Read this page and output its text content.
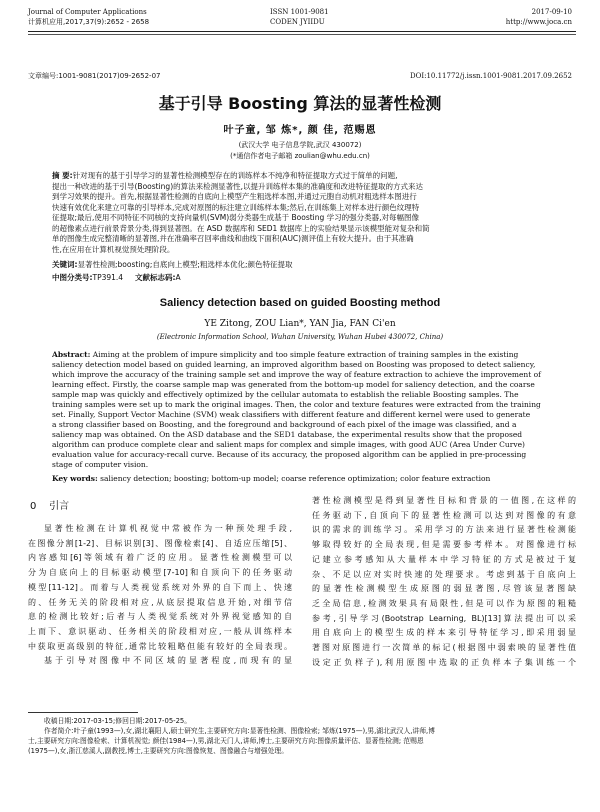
Journal of Computer Applications
计算机应用,2017,37(9):2652 - 2658
ISSN 1001-9081
CODEN JYIIDU
2017-09-10
http://www.joca.cn
文章编号:1001-9081(2017)09-2652-07	DOI:10.11772/j.issn.1001-9081.2017.09.2652
基于引导 Boosting 算法的显著性检测
叶子童, 邹 炼*, 颜 佳, 范赐恩
(武汉大学 电子信息学院,武汉 430072)
(*通信作者电子邮箱 zoulian@whu.edu.cn)
摘 要:针对现有的基于引导学习的显著性检测模型存在的训练样本不纯净和特征提取方式过于简单的问题,
提出一种改进的基于引导(Boosting)的算法来检测显著性,以提升训练样本集的准确度和改进特征提取的方式来达
到学习效果的提升。首先,根据显著性检测的自底向上模型产生粗选样本图,并通过元胞自动机对粗选样本图进行
快速有效优化来建立可靠的引导样本,完成对原图的标注建立训练样本集;然后,在训练集上对样本进行颜色纹理特
征提取;最后,使用不同特征不同核的支持向量机(SVM)弱分类器生成基于 Boosting 学习的强分类器,对每幅图像
的超像素点进行前景背景分类,得到显著图。在 ASD 数据库和 SED1 数据库上的实验结果显示该模型能对复杂和简
单的图像生成完整清晰的显著图,并在准确率召回率曲线和曲线下面积(AUC)测评值上有较大提升。由于其准确
性,在应用在计算机视觉预处理阶段。
关键词:显著性检测;boosting;自底向上模型;粗选样本优化;颜色特征提取
中图分类号:TP391.4 文献标志码:A
Saliency detection based on guided Boosting method
YE Zitong, ZOU Lian*, YAN Jia, FAN Ci'en
(Electronic Information School, Wuhan University, Wuhan Hubei 430072, China)
Abstract: Aiming at the problem of impure simplicity and too simple feature extraction of training samples in the existing
saliency detection model based on guided learning, an improved algorithm based on Boosting was proposed to detect saliency,
which improve the accuracy of the training sample set and improve the way of feature extraction to achieve the improvement of
learning effect. Firstly, the coarse sample map was generated from the bottom-up model for saliency detection, and the coarse
sample map was quickly and effectively optimized by the cellular automata to establish the reliable Boosting samples. The
training samples were set up to mark the original images. Then, the color and texture features were extracted from the training
set. Finally, Support Vector Machine (SVM) weak classifiers with different feature and different kernel were used to generate
a strong classifier based on Boosting, and the foreground and background of each pixel of the image was classified, and a
saliency map was obtained. On the ASD database and the SED1 database, the experimental results show that the proposed
algorithm can produce complete clear and salient maps for complex and simple images, with good AUC (Area Under Curve)
evaluation value for accuracy-recall curve. Because of its accuracy, the proposed algorithm can be applied in pre-processing
stage of computer vision.
Key words: saliency detection; boosting; bottom-up model; coarse reference optimization; color feature extraction
0 引言
显著性检测在计算机视觉中常被作为一种预处理手段,
在图像分割[1-2]、目标识别[3]、图像检索[4]、自适应压缩[5]、
内容感知[6]等领域有着广泛的应用。显著性检测模型可以
分为自底向上的目标驱动模型[7-10]和自顶向下的任务驱动
模型[11-12]。而着与人类视觉系统对外界的自下而上、快速
的、任务无关的阶段相对应,从底层提取信息开始,对细节信
息的检测比较好;后者与人类视觉系统对外界视觉感知的自
上而下、意识驱动、任务相关的阶段相对应,一般从训练样本
中获取更高级别的特征,通常比较粗略但能有较好的全局表现。
基于引导对图像中不同区域的显著程度,而现有的显
著性检测模型是得到显著性目标和背景的一值图,在这样的
任务驱动下,自顶向下的显著性检测可以达到对图像的有意
识的需求的训练学习。采用学习的方法来进行显著性检测能
够取得较好的全局表现,但是需要参考样本。对图像进行标
记建立参考感知从大量样本中学习特征的方式是被过于复
杂、不足以应对实时快速的处理要求。考虑到基于自底向上
的显著性检测模型生成原图的弱显著图,尽管该显著图缺
乏全局信息,检测效果具有局限性,但是可以作为原图的粗糙
参考,引导学习(Bootstrap Learning, BL)[13]算法提出可以采
用自底向上的模型生成的样本来引导特征学习,即采用弱显
著图对原图进行一次简单的标记(根据图中弱索映的显著性值
设定正负样子),利用原图中选取的正负样本子集训练一个
收稿日期:2017-03-15;修回日期:2017-05-25。
作者简介:叶子童(1993—),女,湖北襄阳人,硕士研究生,主要研究方向:显著性检测、图像检索; 邹炼(1975—),男,湖北武汉人,讲师,博
士,主要研究方向:图像检索、计算机视觉; 颜佳(1984—),男,湖北天门人,讲师,博士,主要研究方向:图像质量评估、显著性检测; 范赐恩
(1975—),女,浙江慈溪人,副教授,博士,主要研究方向:图像恢复、图像融合与增强处理。
